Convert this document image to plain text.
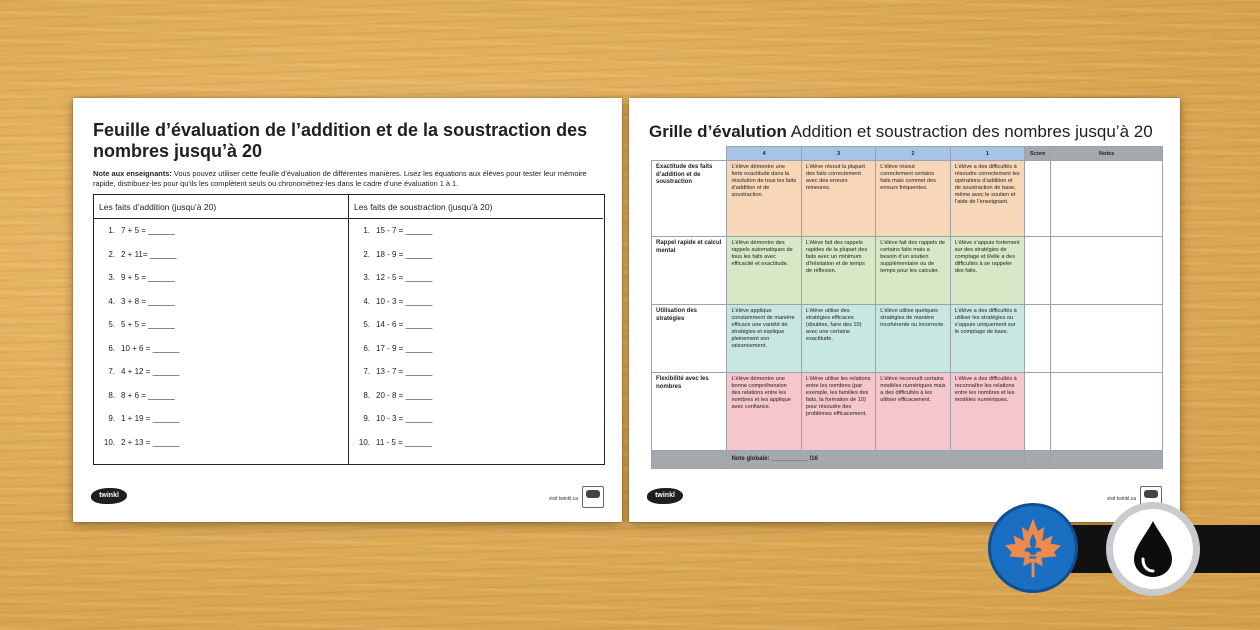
Feuille d’évaluation de l’addition et de la soustraction des nombres jusqu’à 20
Note aux enseignants: Vous pouvez utiliser cette feuille d’évaluation de différentes manières. Lisez les équations aux élèves pour tester leur mémoire rapide, distribuez-les pour qu’ils les complètent seuls ou chronométrez-les dans le cadre d’une évaluation 1 à 1.
Les faits d’addition (jusqu’à 20)
1. 7 + 5 = ______
2. 2 + 11= ______
3. 9 + 5 = ______
4. 3 + 8 = ______
5. 5 + 5 = ______
6. 10 + 6 = ______
7. 4 + 12 = ______
8. 8 + 6 = ______
9. 1 + 19 = ______
10. 2 + 13 = ______
Les faits de soustraction (jusqu’à 20)
1. 15 - 7 = ______
2. 18 - 9 = ______
3. 12 - 5 = ______
4. 10 - 3 = ______
5. 14 - 6 = ______
6. 17 - 9 = ______
7. 13 - 7 = ______
8. 20 - 8 = ______
9. 10 - 3 = ______
10. 11 - 5 = ______
twinkl	visit twinkl.ca
Grille d’évalution Addition et soustraction des nombres jusqu’à 20
	4	3	2	1	Score	Notes
Exactitude des faits d’addition et de soustraction	L’élève démontre une forte exactitude dans la résolution de tous les faits d’addition et de soustraction.	L’élève résout la plupart des faits correctement avec des erreurs mineures.	L’élève résout correctement certains faits mais commet des erreurs fréquentes.	L’élève a des difficultés à résoudre correctement les opérations d’addition et de soustraction de base, même avec le soutien et l’aide de l’enseignant.		
Rappel rapide et calcul mental	L’élève démontre des rappels automatiques de tous les faits avec efficacité et exactitude.	L’élève fait des rappels rapides de la plupart des faits avec un minimum d’hésitation et de temps de réflexion.	L’élève fait des rappels de certains faits mais a besoin d’un soutien supplémentaire ou de temps pour les calculer.	L’élève s’appuie fortement sur des stratégies de comptage et il/elle a des difficultés à se rappeler des faits.		
Utilisation des stratégies	L’élève applique constamment de manière efficace une variété de stratégies et explique pleinement son raisonnement.	L’élève utilise des stratégies efficaces (doubles, faire des 10) avec une certaine exactitude.	L’élève utilise quelques stratégies de manière incohérente ou incorrecte.	L’élève a des difficultés à utiliser les stratégies ou s’appuie uniquement sur le comptage de base.		
Flexibilité avec les nombres	L’élève démontre une bonne compréhension des relations entre les nombres et les applique avec confiance.	L’élève utilise les relations entre les nombres (par exemple, les familles des faits, la formation de 10) pour résoudre des problèmes efficacement.	L’élève reconnaît certains modèles numériques mais a des difficultés à les utiliser efficacement.	L’élève a des difficultés à reconnaître les relations entre les nombres et les modèles numériques.		
	Note globale: ___________ /16					
twinkl	visit twinkl.ca
